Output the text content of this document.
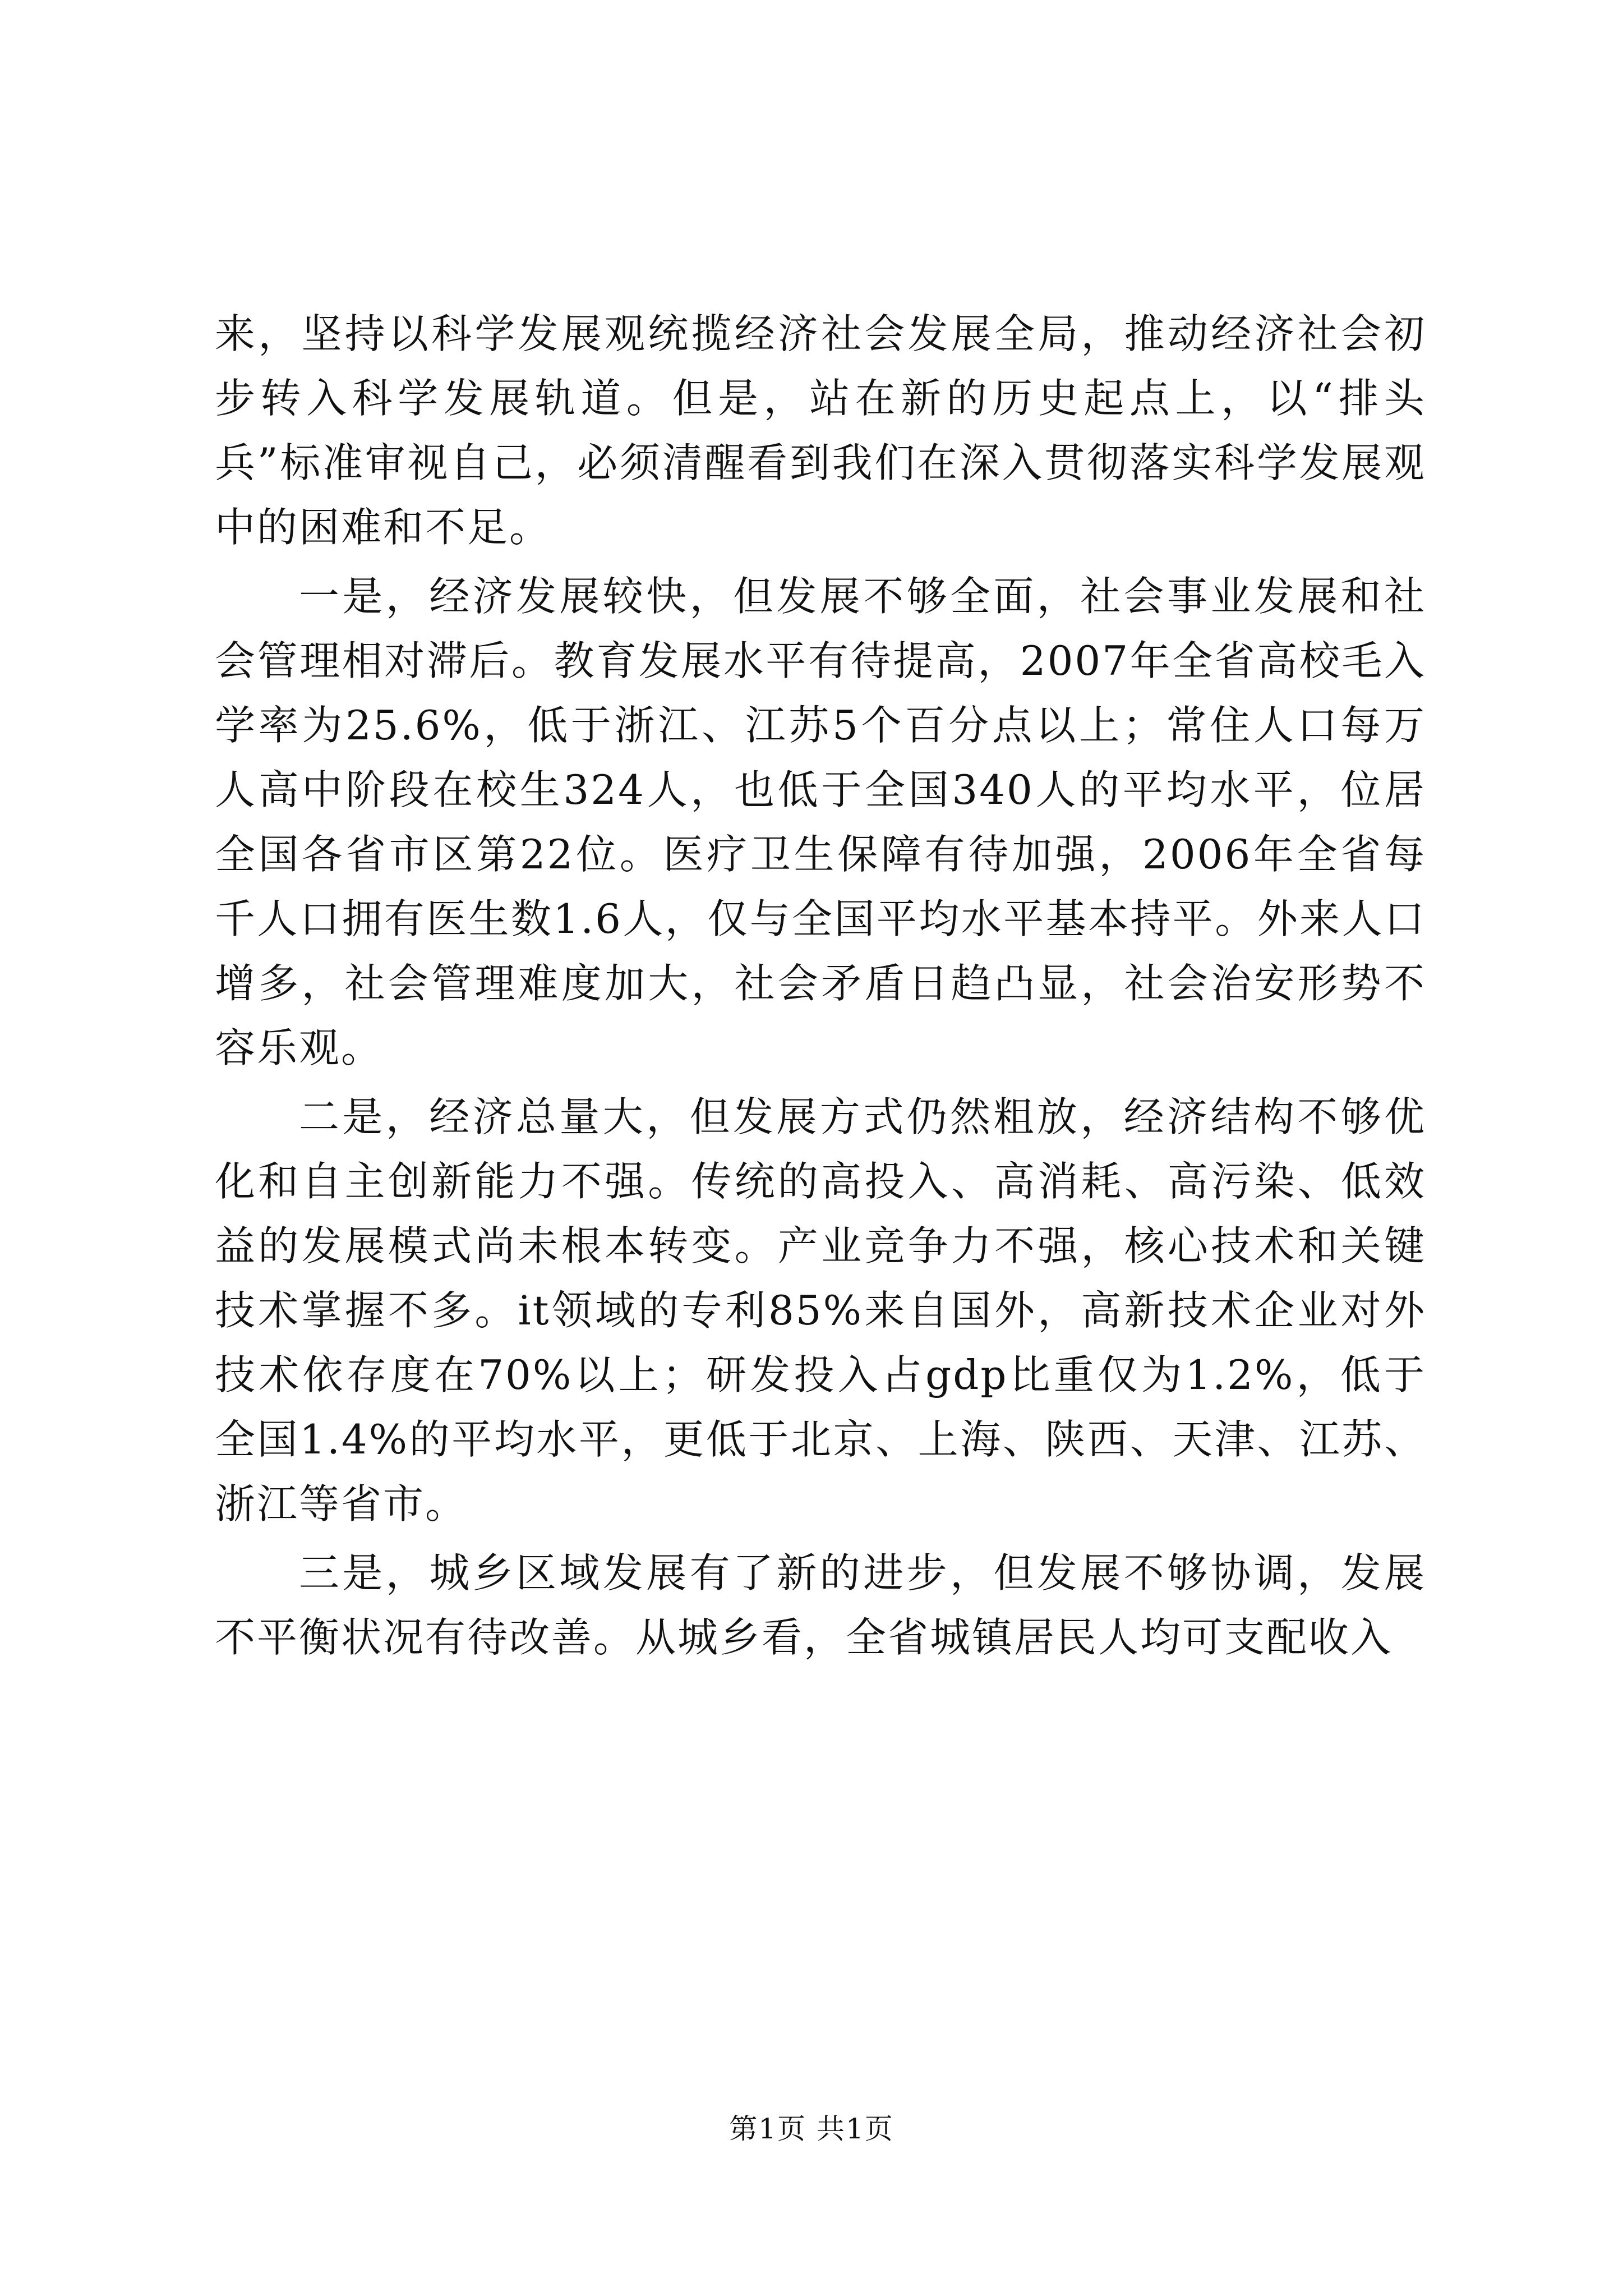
来，坚持以科学发展观统揽经济社会发展全局，推动经济社会初步转入科学发展轨道。但是，站在新的历史起点上，以“排头兵”标准审视自己，必须清醒看到我们在深入贯彻落实科学发展观中的困难和不足。

一是，经济发展较快，但发展不够全面，社会事业发展和社会管理相对滞后。教育发展水平有待提高，2007年全省高校毛入学率为25.6%，低于浙江、江苏5个百分点以上；常住人口每万人高中阶段在校生324人，也低于全国340人的平均水平，位居全国各省市区第22位。医疗卫生保障有待加强，2006年全省每千人口拥有医生数1.6人，仅与全国平均水平基本持平。外来人口增多，社会管理难度加大，社会矛盾日趋凸显，社会治安形势不容乐观。

二是，经济总量大，但发展方式仍然粗放，经济结构不够优化和自主创新能力不强。传统的高投入、高消耗、高污染、低效益的发展模式尚未根本转变。产业竞争力不强，核心技术和关键技术掌握不多。it领域的专利85%来自国外，高新技术企业对外技术依存度在70%以上；研发投入占gdp比重仅为1.2%，低于全国1.4%的平均水平，更低于北京、上海、陕西、天津、江苏、浙江等省市。

三是，城乡区域发展有了新的进步，但发展不够协调，发展不平衡状况有待改善。从城乡看，全省城镇居民人均可支配收入

第1页 共1页
